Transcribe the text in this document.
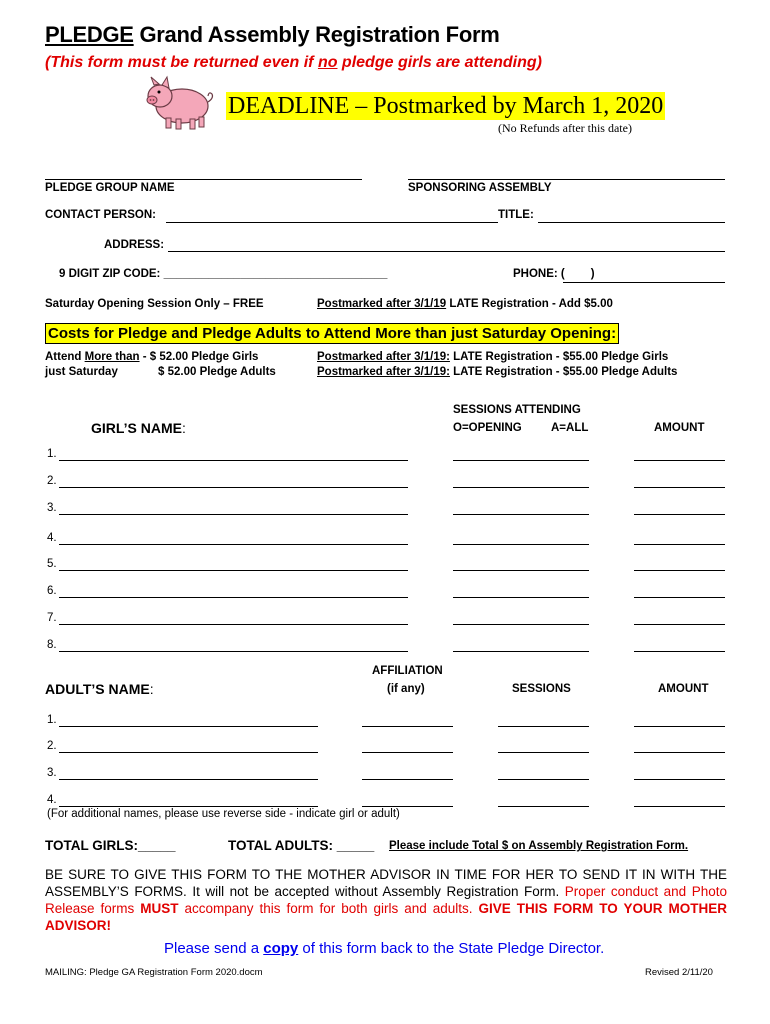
PLEDGE Grand Assembly Registration Form
(This form must be returned even if no pledge girls are attending)
DEADLINE – Postmarked by March 1, 2020
(No Refunds after this date)
PLEDGE GROUP NAME	SPONSORING ASSEMBLY
CONTACT PERSON:	TITLE:
ADDRESS:
9 DIGIT ZIP CODE: ___________________________________	PHONE: ( )
Saturday Opening Session Only – FREE	Postmarked after 3/1/19 LATE Registration - Add $5.00
Costs for Pledge and Pledge Adults to Attend More than just Saturday Opening:
Attend More than - $ 52.00 Pledge Girls
just Saturday	$ 52.00 Pledge Adults
Postmarked after 3/1/19: LATE Registration - $55.00 Pledge Girls
Postmarked after 3/1/19: LATE Registration - $55.00 Pledge Adults
SESSIONS ATTENDING
GIRL’S NAME:	O=OPENING	A=ALL	AMOUNT
1.
2.
3.
4.
5.
6.
7.
8.
AFFILIATION
ADULT’S NAME:	(if any)	SESSIONS	AMOUNT
1.
2.
3.
4.
(For additional names, please use reverse side - indicate girl or adult)
TOTAL GIRLS:_____	TOTAL ADULTS: _____ Please include Total $ on Assembly Registration Form.
BE SURE TO GIVE THIS FORM TO THE MOTHER ADVISOR IN TIME FOR HER TO SEND IT IN WITH THE ASSEMBLY’S FORMS. It will not be accepted without Assembly Registration Form. Proper conduct and Photo Release forms MUST accompany this form for both girls and adults. GIVE THIS FORM TO YOUR MOTHER ADVISOR!
Please send a copy of this form back to the State Pledge Director.
MAILING: Pledge GA Registration Form 2020.docm	Revised 2/11/20
